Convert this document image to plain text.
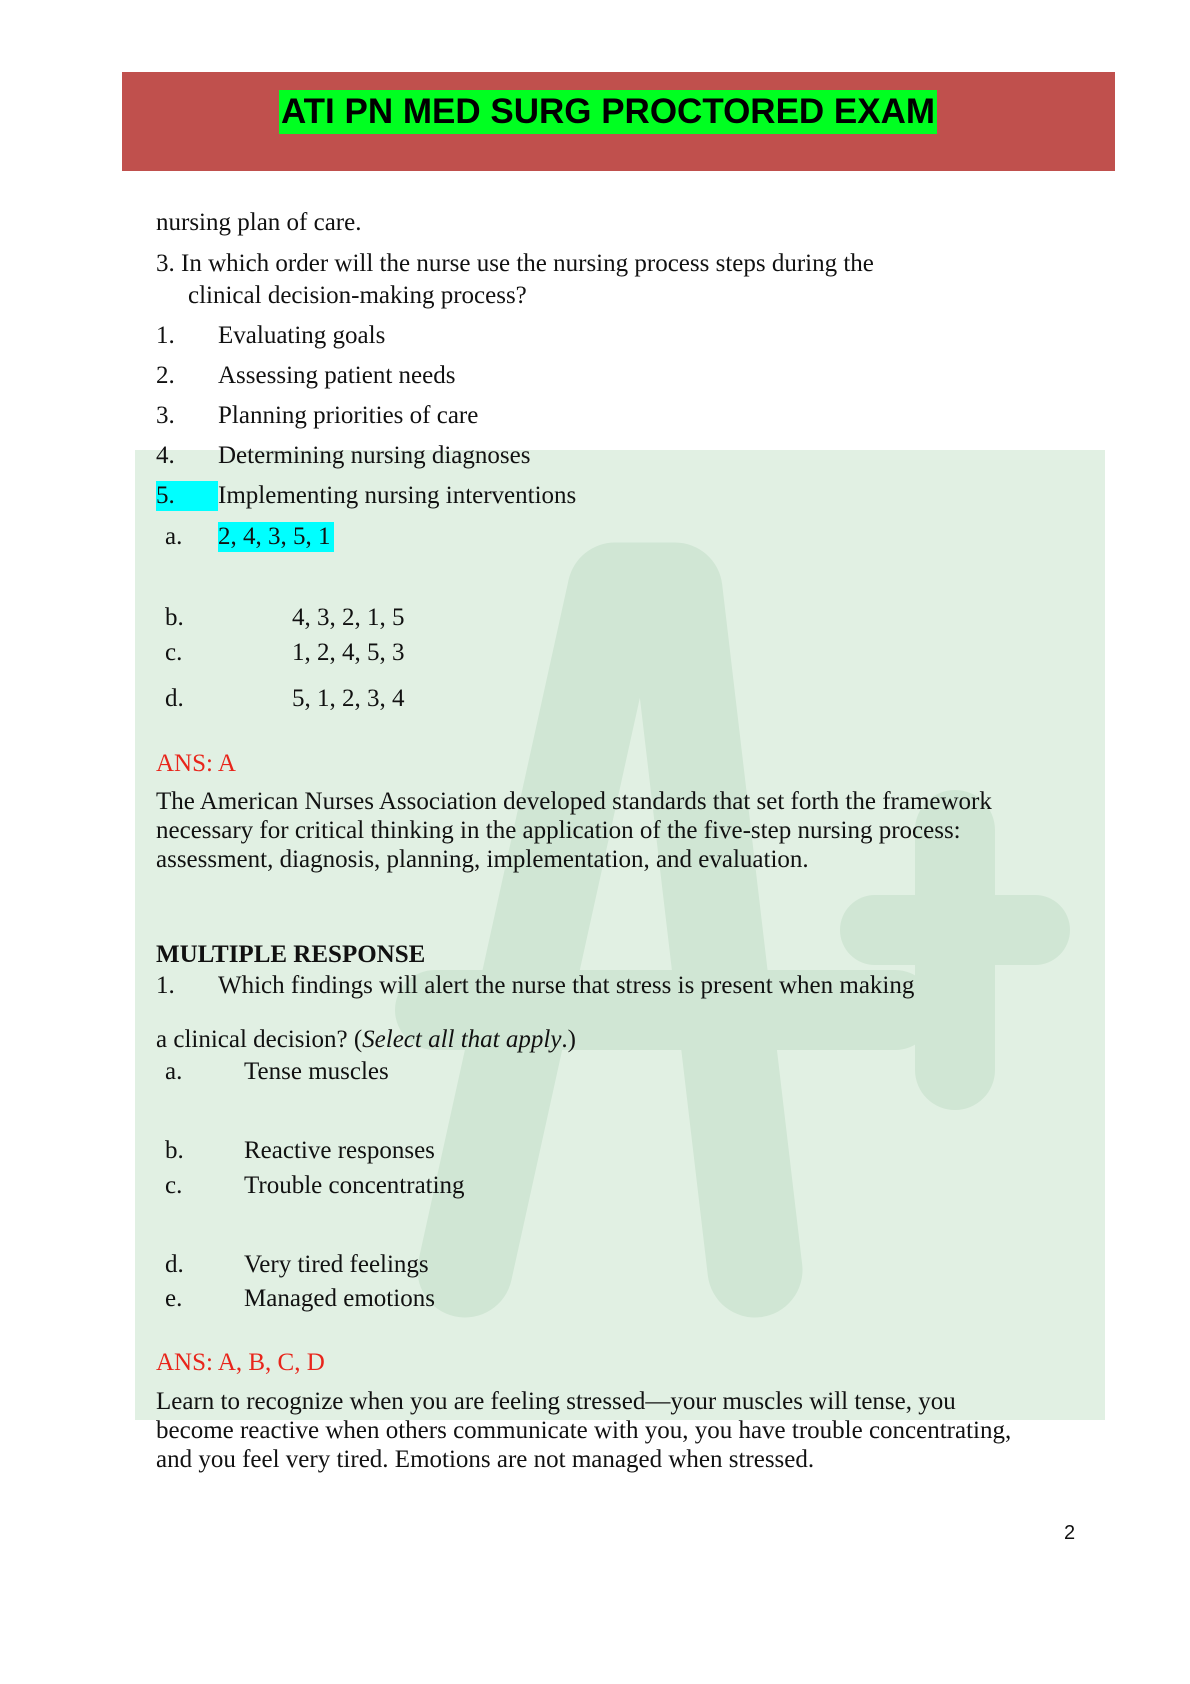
ATI PN MED SURG PROCTORED EXAM
nursing plan of care.
3. In which order will the nurse use the nursing process steps during the
clinical decision-making process?
1. Evaluating goals
2. Assessing patient needs
3. Planning priorities of care
4. Determining nursing diagnoses
5.	Implementing nursing interventions
a. 2, 4, 3, 5, 1
b.	4, 3, 2, 1, 5
c.	1, 2, 4, 5, 3
d.	5, 1, 2, 3, 4
ANS: A
The American Nurses Association developed standards that set forth the framework necessary for critical thinking in the application of the five-step nursing process: assessment, diagnosis, planning, implementation, and evaluation.
MULTIPLE RESPONSE
1. Which findings will alert the nurse that stress is present when making
a clinical decision? (Select all that apply.)
a. Tense muscles
b. Reactive responses
c. Trouble concentrating
d. Very tired feelings
e. Managed emotions
ANS: A, B, C, D
Learn to recognize when you are feeling stressed—your muscles will tense, you become reactive when others communicate with you, you have trouble concentrating, and you feel very tired. Emotions are not managed when stressed.
2
